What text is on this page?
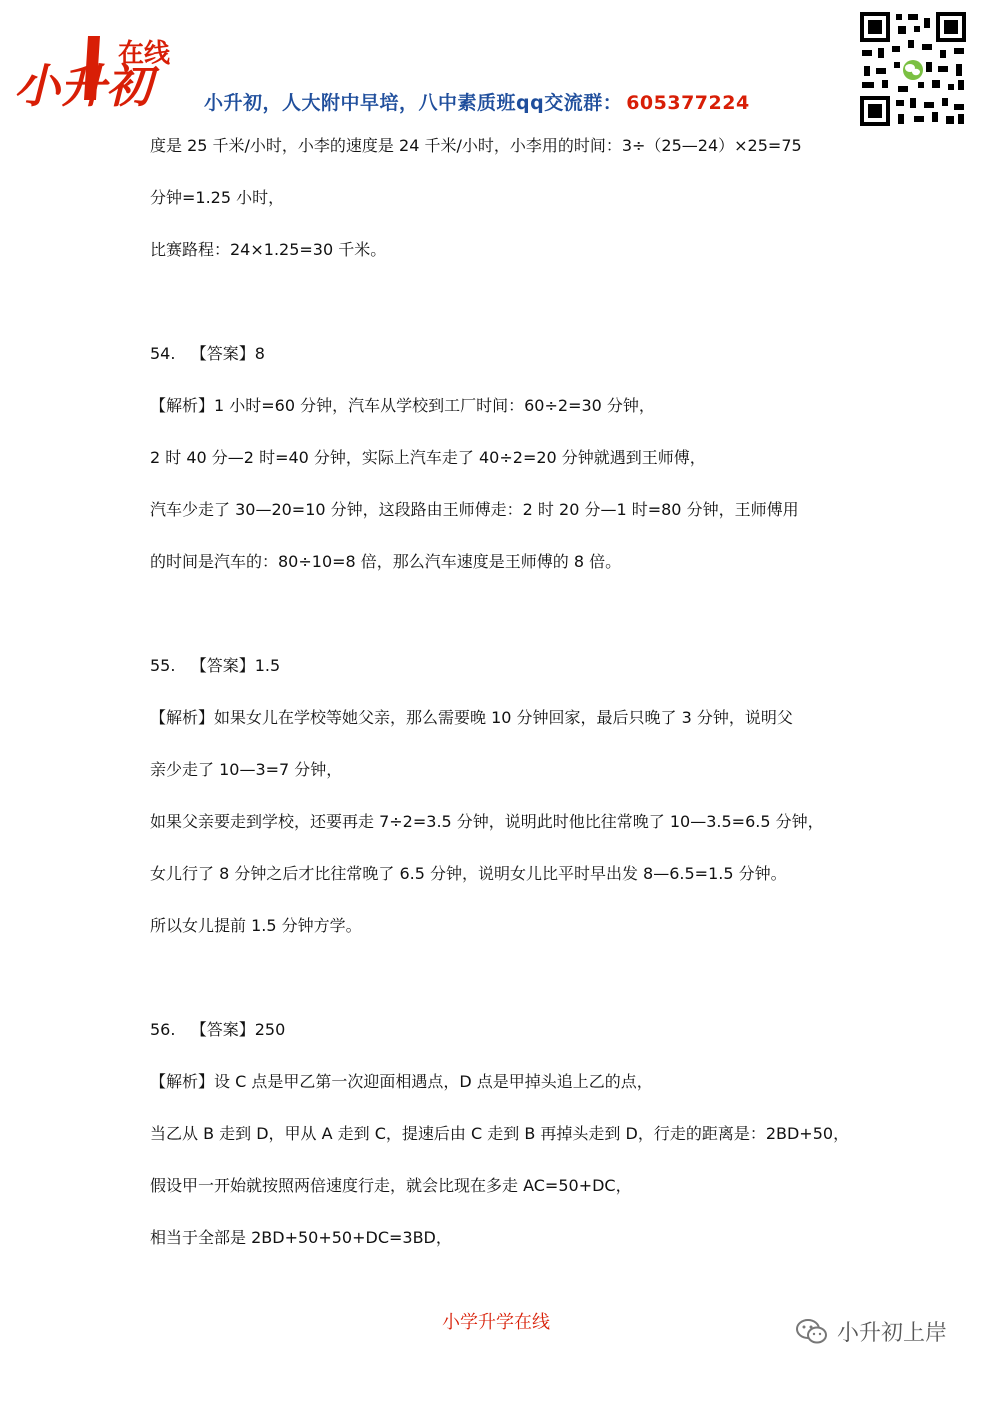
小升初
在线
小升初，人大附中早培，八中素质班qq交流群： 605377224
度是 25 千米/小时，小李的速度是 24 千米/小时，小李用的时间：3÷（25—24）×25=75
分钟=1.25 小时，
比赛路程：24×1.25=30 千米。
54. 【答案】8
【解析】1 小时=60 分钟，汽车从学校到工厂时间：60÷2=30 分钟，
2 时 40 分—2 时=40 分钟，实际上汽车走了 40÷2=20 分钟就遇到王师傅，
汽车少走了 30—20=10 分钟，这段路由王师傅走：2 时 20 分—1 时=80 分钟，王师傅用
的时间是汽车的：80÷10=8 倍，那么汽车速度是王师傅的 8 倍。
55. 【答案】1.5
【解析】如果女儿在学校等她父亲，那么需要晚 10 分钟回家，最后只晚了 3 分钟，说明父
亲少走了 10—3=7 分钟，
如果父亲要走到学校，还要再走 7÷2=3.5 分钟，说明此时他比往常晚了 10—3.5=6.5 分钟，
女儿行了 8 分钟之后才比往常晚了 6.5 分钟，说明女儿比平时早出发 8—6.5=1.5 分钟。
所以女儿提前 1.5 分钟方学。
56. 【答案】250
【解析】设 C 点是甲乙第一次迎面相遇点，D 点是甲掉头追上乙的点，
当乙从 B 走到 D，甲从 A 走到 C，提速后由 C 走到 B 再掉头走到 D，行走的距离是：2BD+50，
假设甲一开始就按照两倍速度行走，就会比现在多走 AC=50+DC，
相当于全部是 2BD+50+50+DC=3BD，
小学升学在线	小升初上岸
